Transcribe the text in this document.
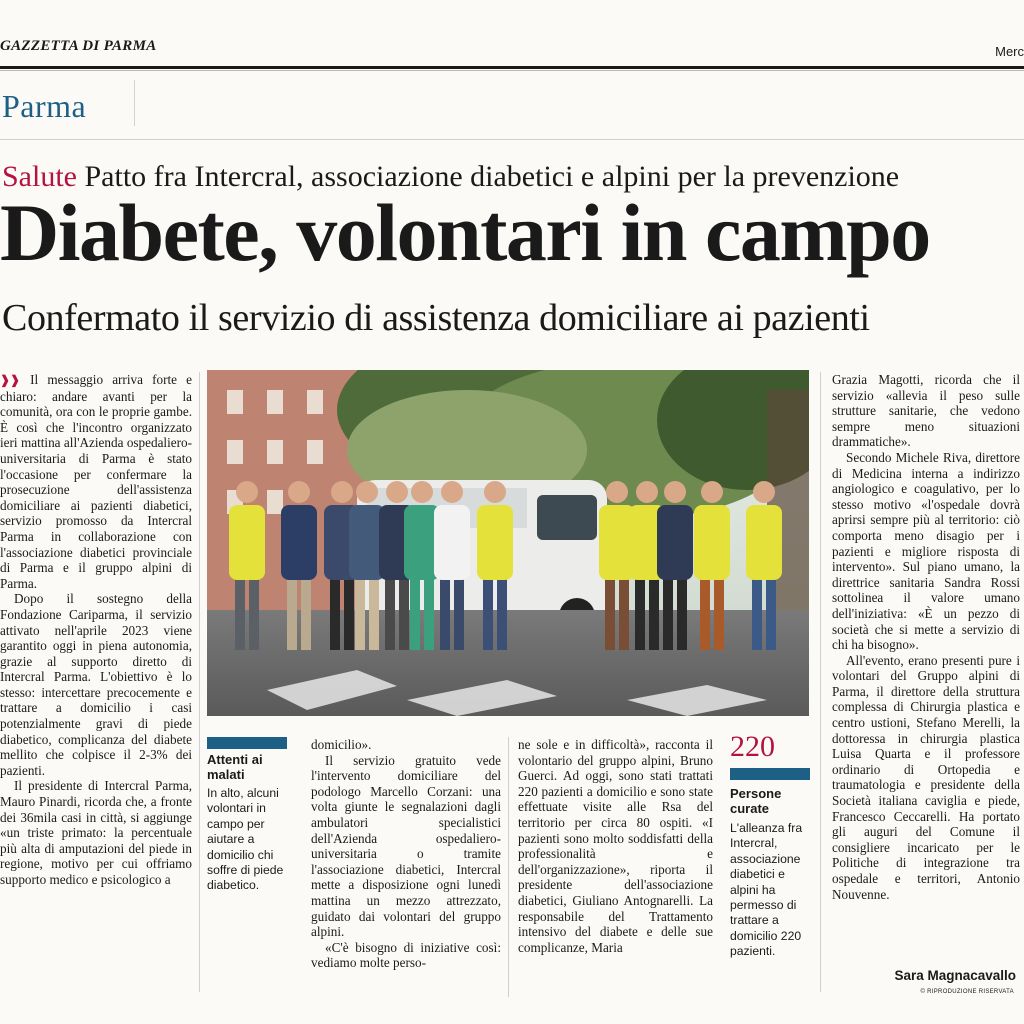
GAZZETTA DI PARMA	Merc
Parma
Salute Patto fra Intercral, associazione diabetici e alpini per la prevenzione
Diabete, volontari in campo
Confermato il servizio di assistenza domiciliare ai pazienti

❱❱ Il messaggio arriva forte e chiaro: andare avanti per la comunità, ora con le proprie gambe. È così che l'incontro organizzato ieri mattina all'Azienda ospedaliero-universitaria di Parma è stato l'occasione per confermare la prosecuzione dell'assistenza domiciliare ai pazienti diabetici, servizio promosso da Intercral Parma in collaborazione con l'associazione diabetici provinciale di Parma e il gruppo alpini di Parma.

Dopo il sostegno della Fondazione Cariparma, il servizio attivato nell'aprile 2023 viene garantito oggi in piena autonomia, grazie al supporto diretto di Intercral Parma. L'obiettivo è lo stesso: intercettare precocemente e trattare a domicilio i casi potenzialmente gravi di piede diabetico, complicanza del diabete mellito che colpisce il 2-3% dei pazienti.

Il presidente di Intercral Parma, Mauro Pinardi, ricorda che, a fronte dei 36mila casi in città, si aggiunge «un triste primato: la percentuale più alta di amputazioni del piede in regione, motivo per cui offriamo supporto medico e psicologico a

Attenti ai malati
In alto, alcuni volontari in campo per aiutare a domicilio chi soffre di piede diabetico.

domicilio».

Il servizio gratuito vede l'intervento domiciliare del podologo Marcello Corzani: una volta giunte le segnalazioni dagli ambulatori specialistici dell'Azienda ospedaliero-universitaria o tramite l'associazione diabetici, Intercral mette a disposizione ogni lunedì mattina un mezzo attrezzato, guidato dai volontari del gruppo alpini.

«C'è bisogno di iniziative così: vediamo molte perso-

ne sole e in difficoltà», racconta il volontario del gruppo alpini, Bruno Guerci. Ad oggi, sono stati trattati 220 pazienti a domicilio e sono state effettuate visite alle Rsa del territorio per circa 80 ospiti. «I pazienti sono molto soddisfatti della professionalità e dell'organizzazione», riporta il presidente dell'associazione diabetici, Giuliano Antognarelli. La responsabile del Trattamento intensivo del diabete e delle sue complicanze, Maria

220
Persone curate
L'alleanza fra Intercral, associazione diabetici e alpini ha permesso di trattare a domicilio 220 pazienti.

Grazia Magotti, ricorda che il servizio «allevia il peso sulle strutture sanitarie, che vedono sempre meno situazioni drammatiche».

Secondo Michele Riva, direttore di Medicina interna a indirizzo angiologico e coagulativo, per lo stesso motivo «l'ospedale dovrà aprirsi sempre più al territorio: ciò comporta meno disagio per i pazienti e migliore risposta di intervento». Sul piano umano, la direttrice sanitaria Sandra Rossi sottolinea il valore umano dell'iniziativa: «È un pezzo di società che si mette a servizio di chi ha bisogno».

All'evento, erano presenti pure i volontari del Gruppo alpini di Parma, il direttore della struttura complessa di Chirurgia plastica e centro ustioni, Stefano Merelli, la dottoressa in chirurgia plastica Luisa Quarta e il professore ordinario di Ortopedia e traumatologia e presidente della Società italiana caviglia e piede, Francesco Ceccarelli. Ha portato gli auguri del Comune il consigliere incaricato per le Politiche di integrazione tra ospedale e territori, Antonio Nouvenne.

Sara Magnacavallo
© RIPRODUZIONE RISERVATA
